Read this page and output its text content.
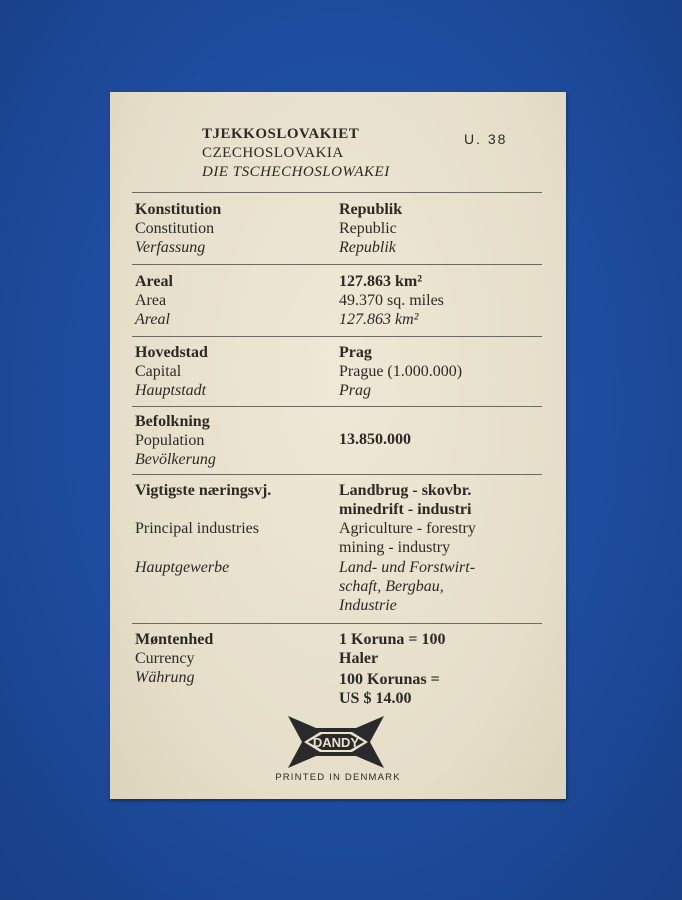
TJEKKOSLOVAKIET
CZECHOSLOVAKIA
DIE TSCHECHOSLOWAKEI
U. 38
Konstitution
Constitution
Verfassung
Republik
Republic
Republik
Areal
Area
Areal
127.863 km²
49.370 sq. miles
127.863 km²
Hovedstad
Capital
Hauptstadt
Prag
Prague (1.000.000)
Prag
Befolkning
Population
Bevölkerung
13.850.000
Vigtigste næringsvj.
Principal industries
Hauptgewerbe
Landbrug - skovbr.
minedrift - industri
Agriculture - forestry
mining - industry
Land- und Forstwirt-
schaft, Bergbau,
Industrie
Møntenhed
Currency
Währung
1 Koruna = 100
Haler
100 Korunas =
US $ 14.00
DANDY
PRINTED IN DENMARK
